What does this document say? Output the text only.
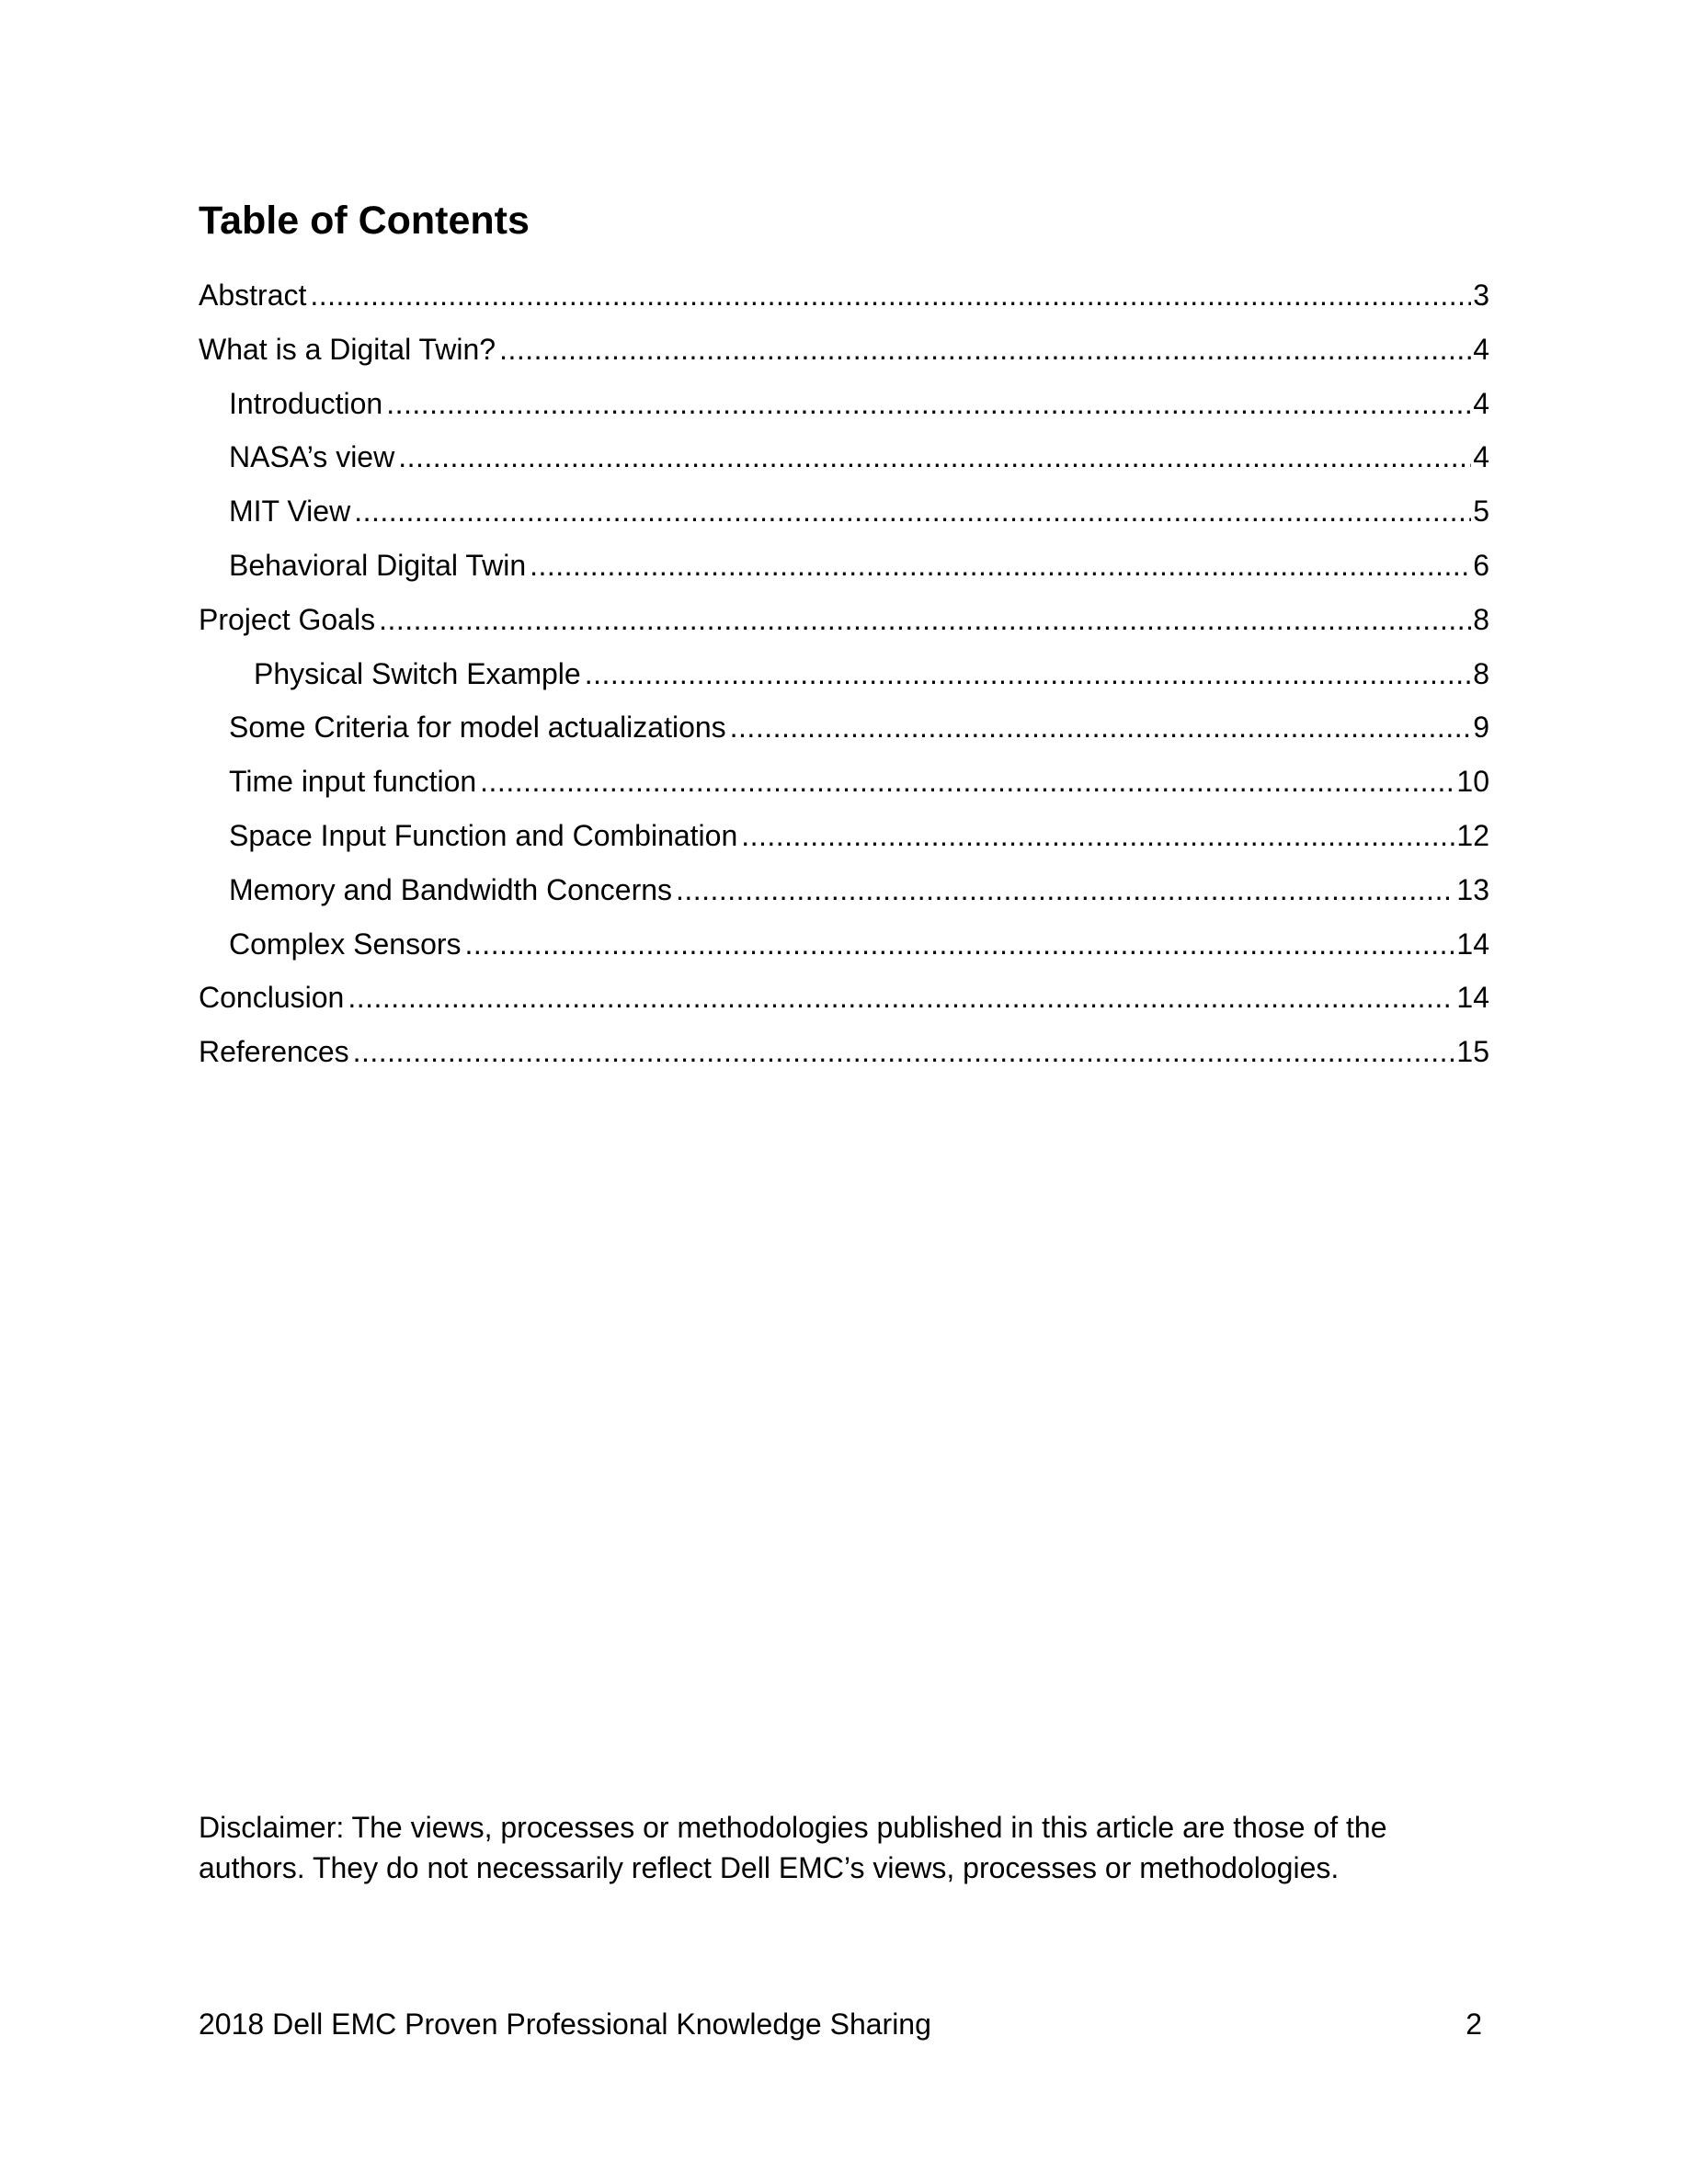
Table of Contents
Abstract . . .	3
What is a Digital Twin? . . .	4
Introduction . . .	4
NASA’s view . . .	4
MIT View . . .	5
Behavioral Digital Twin . . .	6
Project Goals . . .	8
Physical Switch Example . . .	8
Some Criteria for model actualizations . . .	9
Time input function . . .	10
Space Input Function and Combination . . .	12
Memory and Bandwidth Concerns . . .	13
Complex Sensors . . .	14
Conclusion . . .	14
References . . .	15

Disclaimer: The views, processes or methodologies published in this article are those of the authors. They do not necessarily reflect Dell EMC’s views, processes or methodologies.

2018 Dell EMC Proven Professional Knowledge Sharing	2
